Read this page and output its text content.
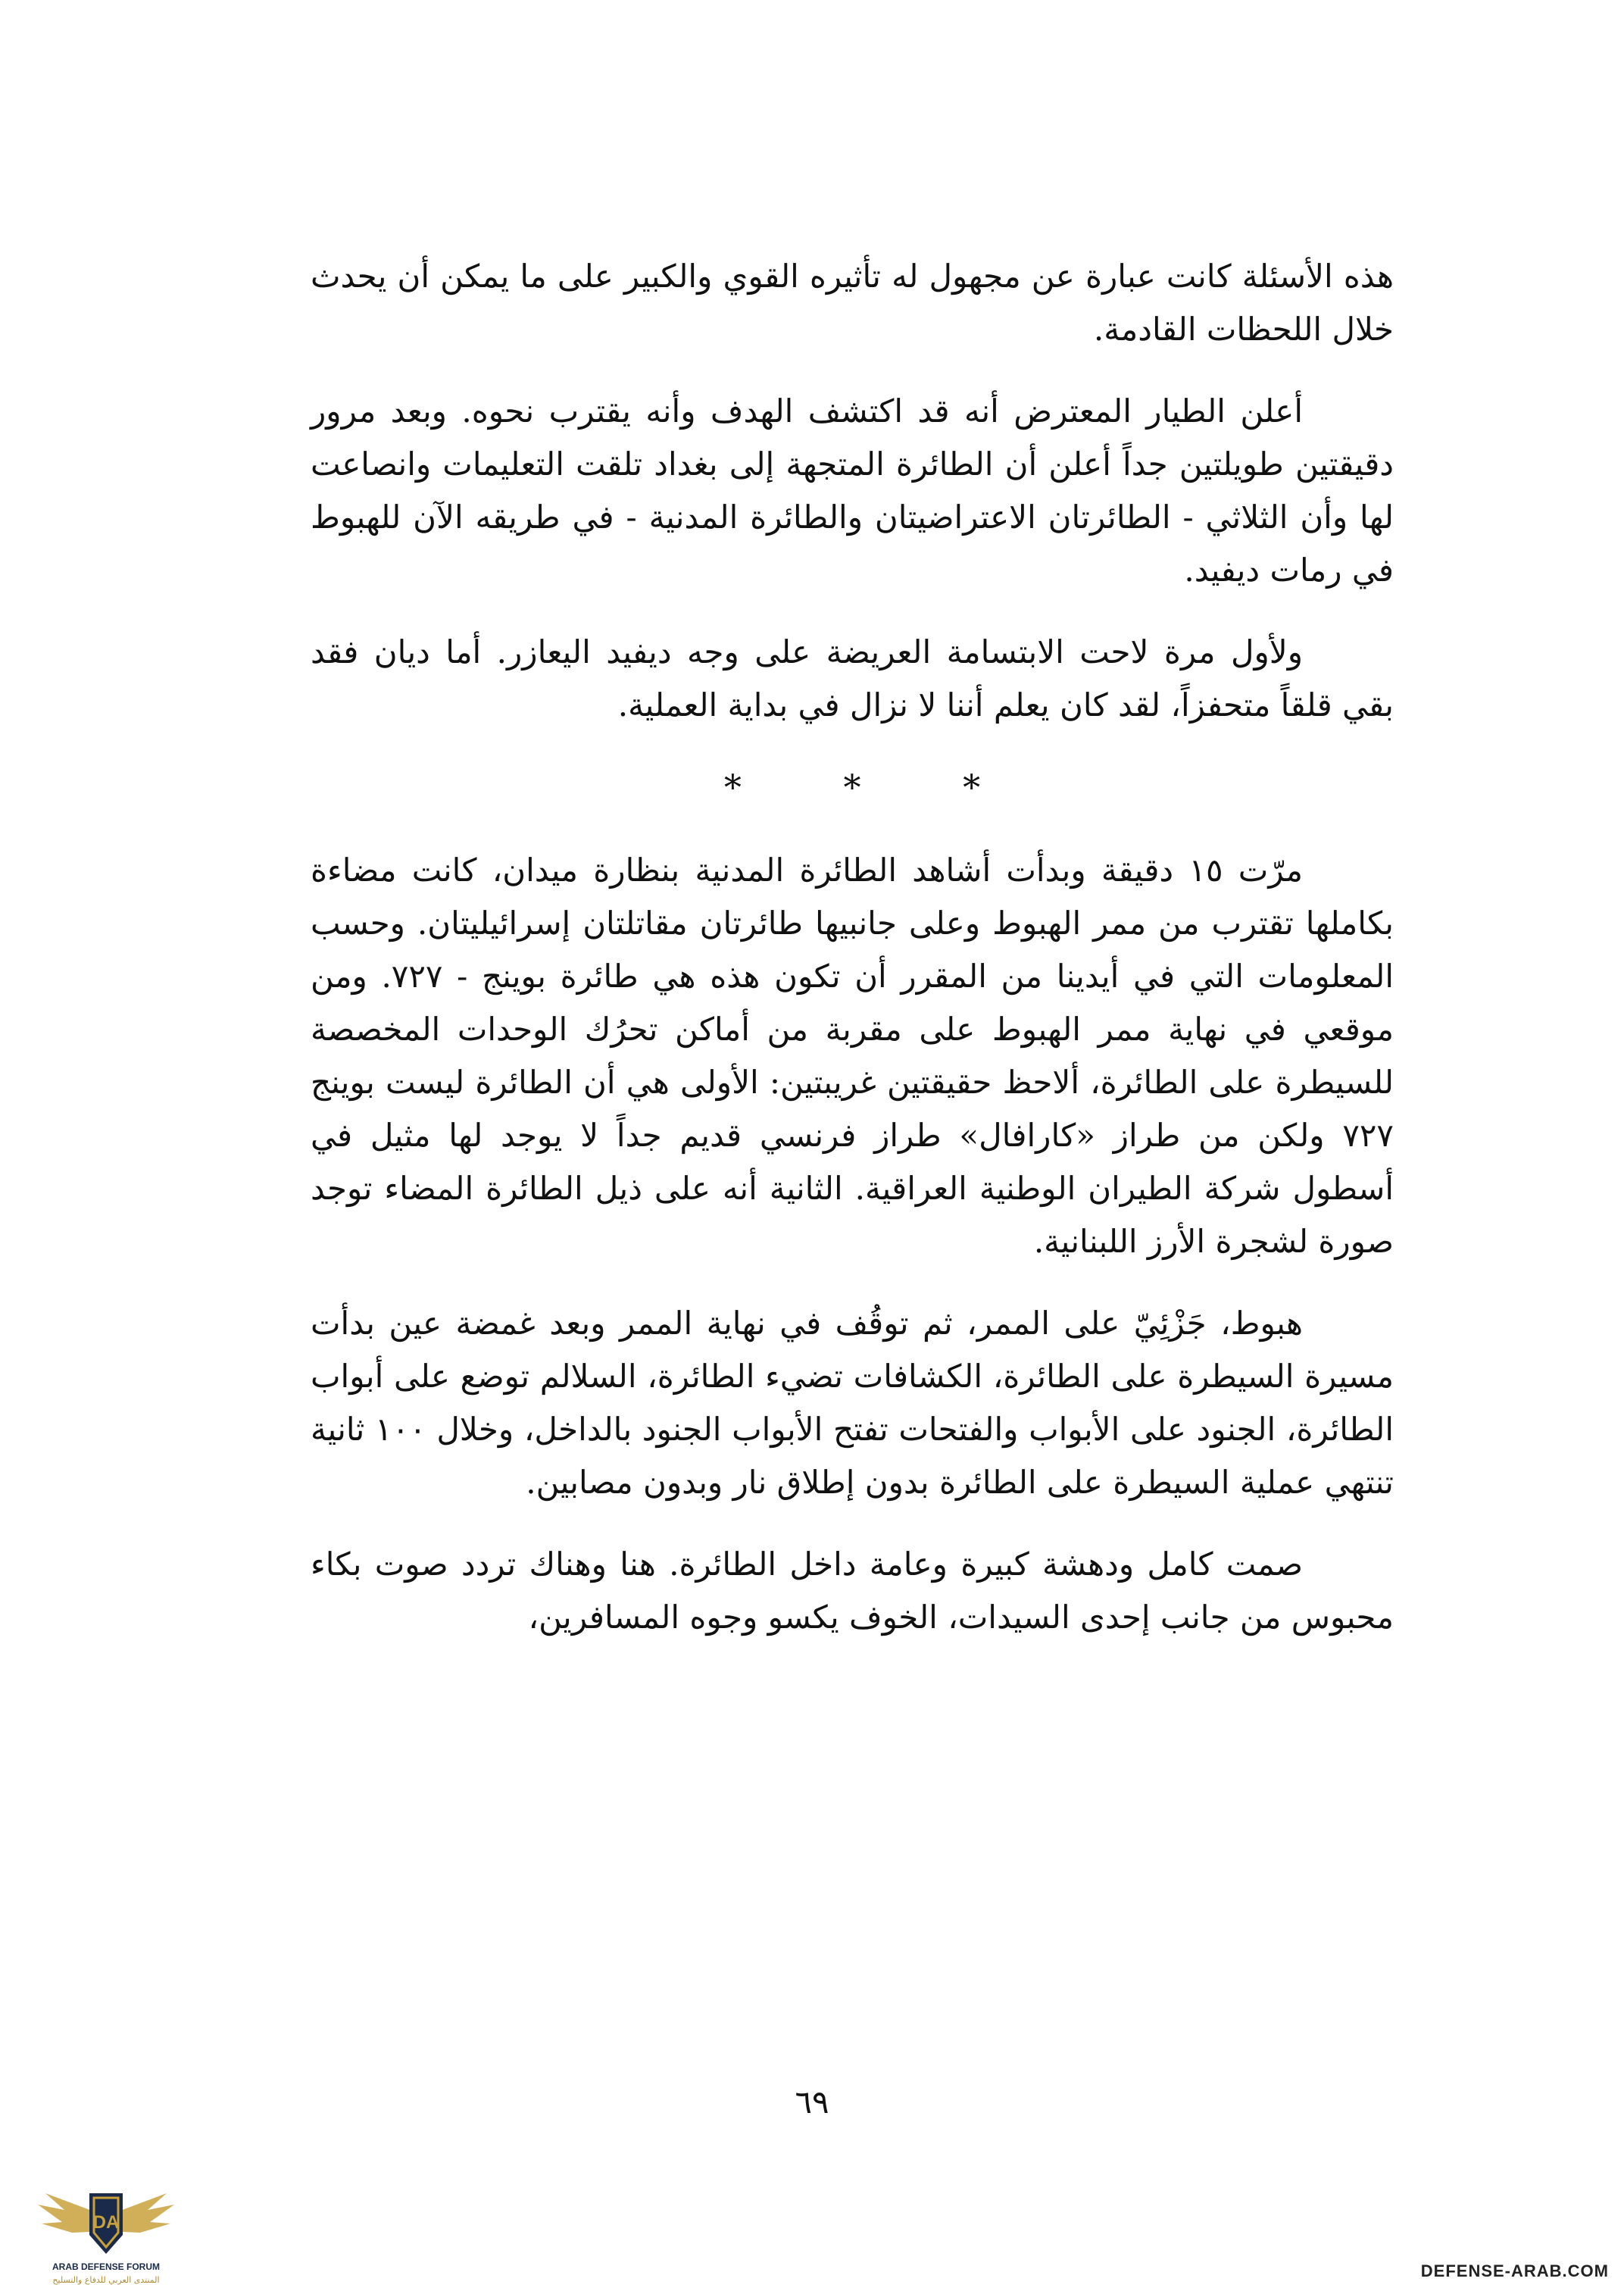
هذه الأسئلة كانت عبارة عن مجهول له تأثيره القوي والكبير على ما يمكن أن يحدث خلال اللحظات القادمة.

أعلن الطيار المعترض أنه قد اكتشف الهدف وأنه يقترب نحوه. وبعد مرور دقيقتين طويلتين جداً أعلن أن الطائرة المتجهة إلى بغداد تلقت التعليمات وانصاعت لها وأن الثلاثي - الطائرتان الاعتراضيتان والطائرة المدنية - في طريقه الآن للهبوط في رمات ديفيد.

ولأول مرة لاحت الابتسامة العريضة على وجه ديفيد اليعازر. أما ديان فقد بقي قلقاً متحفزاً، لقد كان يعلم أننا لا نزال في بداية العملية.

* * *

مرّت ١٥ دقيقة وبدأت أشاهد الطائرة المدنية بنظارة ميدان، كانت مضاءة بكاملها تقترب من ممر الهبوط وعلى جانبيها طائرتان مقاتلتان إسرائيليتان. وحسب المعلومات التي في أيدينا من المقرر أن تكون هذه هي طائرة بوينج - ٧٢٧. ومن موقعي في نهاية ممر الهبوط على مقربة من أماكن تحرُك الوحدات المخصصة للسيطرة على الطائرة، ألاحظ حقيقتين غريبتين: الأولى هي أن الطائرة ليست بوينج ٧٢٧ ولكن من طراز «كارافال» طراز فرنسي قديم جداً لا يوجد لها مثيل في أسطول شركة الطيران الوطنية العراقية. الثانية أنه على ذيل الطائرة المضاء توجد صورة لشجرة الأرز اللبنانية.

هبوط، جَزْئِيّ على الممر، ثم توقُف في نهاية الممر وبعد غمضة عين بدأت مسيرة السيطرة على الطائرة، الكشافات تضيء الطائرة، السلالم توضع على أبواب الطائرة، الجنود على الأبواب والفتحات تفتح الأبواب الجنود بالداخل، وخلال ١٠٠ ثانية تنتهي عملية السيطرة على الطائرة بدون إطلاق نار وبدون مصابين.

صمت كامل ودهشة كبيرة وعامة داخل الطائرة. هنا وهناك تردد صوت بكاء محبوس من جانب إحدى السيدات، الخوف يكسو وجوه المسافرين،

٦٩
DA
ARAB DEFENSE FORUM
المنتدى العربي للدفاع والتسليح	DEFENSE-ARAB.COM
